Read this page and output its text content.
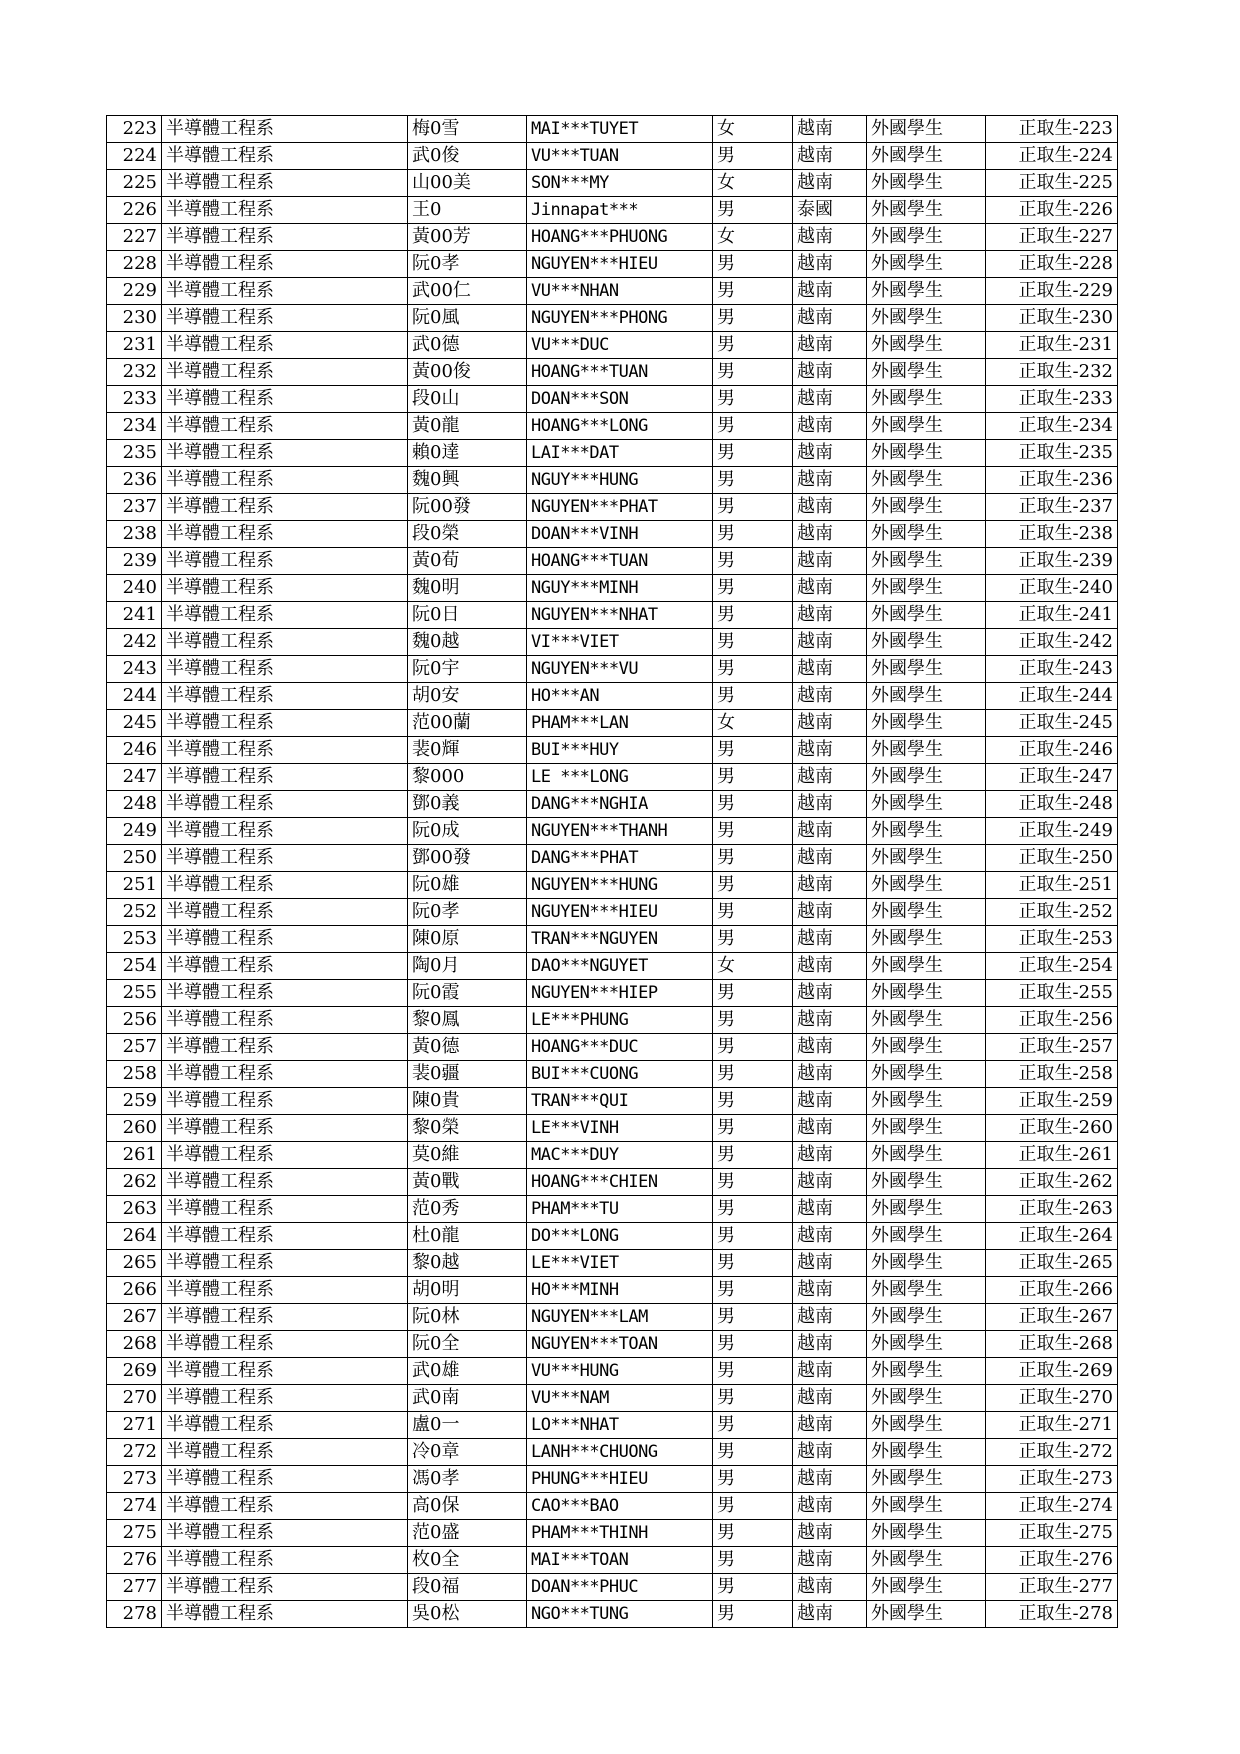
223	半導體工程系	梅0雪	MAI***TUYET	女	越南	外國學生	正取生-223
224	半導體工程系	武0俊	VU***TUAN	男	越南	外國學生	正取生-224
225	半導體工程系	山00美	SON***MY	女	越南	外國學生	正取生-225
226	半導體工程系	王0	Jinnapat***	男	泰國	外國學生	正取生-226
227	半導體工程系	黃00芳	HOANG***PHUONG	女	越南	外國學生	正取生-227
228	半導體工程系	阮0孝	NGUYEN***HIEU	男	越南	外國學生	正取生-228
229	半導體工程系	武00仁	VU***NHAN	男	越南	外國學生	正取生-229
230	半導體工程系	阮0風	NGUYEN***PHONG	男	越南	外國學生	正取生-230
231	半導體工程系	武0德	VU***DUC	男	越南	外國學生	正取生-231
232	半導體工程系	黃00俊	HOANG***TUAN	男	越南	外國學生	正取生-232
233	半導體工程系	段0山	DOAN***SON	男	越南	外國學生	正取生-233
234	半導體工程系	黃0龍	HOANG***LONG	男	越南	外國學生	正取生-234
235	半導體工程系	賴0達	LAI***DAT	男	越南	外國學生	正取生-235
236	半導體工程系	魏0興	NGUY***HUNG	男	越南	外國學生	正取生-236
237	半導體工程系	阮00發	NGUYEN***PHAT	男	越南	外國學生	正取生-237
238	半導體工程系	段0榮	DOAN***VINH	男	越南	外國學生	正取生-238
239	半導體工程系	黃0荀	HOANG***TUAN	男	越南	外國學生	正取生-239
240	半導體工程系	魏0明	NGUY***MINH	男	越南	外國學生	正取生-240
241	半導體工程系	阮0日	NGUYEN***NHAT	男	越南	外國學生	正取生-241
242	半導體工程系	魏0越	VI***VIET	男	越南	外國學生	正取生-242
243	半導體工程系	阮0宇	NGUYEN***VU	男	越南	外國學生	正取生-243
244	半導體工程系	胡0安	HO***AN	男	越南	外國學生	正取生-244
245	半導體工程系	范00蘭	PHAM***LAN	女	越南	外國學生	正取生-245
246	半導體工程系	裴0輝	BUI***HUY	男	越南	外國學生	正取生-246
247	半導體工程系	黎000	LE ***LONG	男	越南	外國學生	正取生-247
248	半導體工程系	鄧0義	DANG***NGHIA	男	越南	外國學生	正取生-248
249	半導體工程系	阮0成	NGUYEN***THANH	男	越南	外國學生	正取生-249
250	半導體工程系	鄧00發	DANG***PHAT	男	越南	外國學生	正取生-250
251	半導體工程系	阮0雄	NGUYEN***HUNG	男	越南	外國學生	正取生-251
252	半導體工程系	阮0孝	NGUYEN***HIEU	男	越南	外國學生	正取生-252
253	半導體工程系	陳0原	TRAN***NGUYEN	男	越南	外國學生	正取生-253
254	半導體工程系	陶0月	DAO***NGUYET	女	越南	外國學生	正取生-254
255	半導體工程系	阮0霞	NGUYEN***HIEP	男	越南	外國學生	正取生-255
256	半導體工程系	黎0鳳	LE***PHUNG	男	越南	外國學生	正取生-256
257	半導體工程系	黃0德	HOANG***DUC	男	越南	外國學生	正取生-257
258	半導體工程系	裴0疆	BUI***CUONG	男	越南	外國學生	正取生-258
259	半導體工程系	陳0貴	TRAN***QUI	男	越南	外國學生	正取生-259
260	半導體工程系	黎0榮	LE***VINH	男	越南	外國學生	正取生-260
261	半導體工程系	莫0維	MAC***DUY	男	越南	外國學生	正取生-261
262	半導體工程系	黃0戰	HOANG***CHIEN	男	越南	外國學生	正取生-262
263	半導體工程系	范0秀	PHAM***TU	男	越南	外國學生	正取生-263
264	半導體工程系	杜0龍	DO***LONG	男	越南	外國學生	正取生-264
265	半導體工程系	黎0越	LE***VIET	男	越南	外國學生	正取生-265
266	半導體工程系	胡0明	HO***MINH	男	越南	外國學生	正取生-266
267	半導體工程系	阮0林	NGUYEN***LAM	男	越南	外國學生	正取生-267
268	半導體工程系	阮0全	NGUYEN***TOAN	男	越南	外國學生	正取生-268
269	半導體工程系	武0雄	VU***HUNG	男	越南	外國學生	正取生-269
270	半導體工程系	武0南	VU***NAM	男	越南	外國學生	正取生-270
271	半導體工程系	盧0一	LO***NHAT	男	越南	外國學生	正取生-271
272	半導體工程系	冷0章	LANH***CHUONG	男	越南	外國學生	正取生-272
273	半導體工程系	馮0孝	PHUNG***HIEU	男	越南	外國學生	正取生-273
274	半導體工程系	高0保	CAO***BAO	男	越南	外國學生	正取生-274
275	半導體工程系	范0盛	PHAM***THINH	男	越南	外國學生	正取生-275
276	半導體工程系	枚0全	MAI***TOAN	男	越南	外國學生	正取生-276
277	半導體工程系	段0福	DOAN***PHUC	男	越南	外國學生	正取生-277
278	半導體工程系	吳0松	NGO***TUNG	男	越南	外國學生	正取生-278
